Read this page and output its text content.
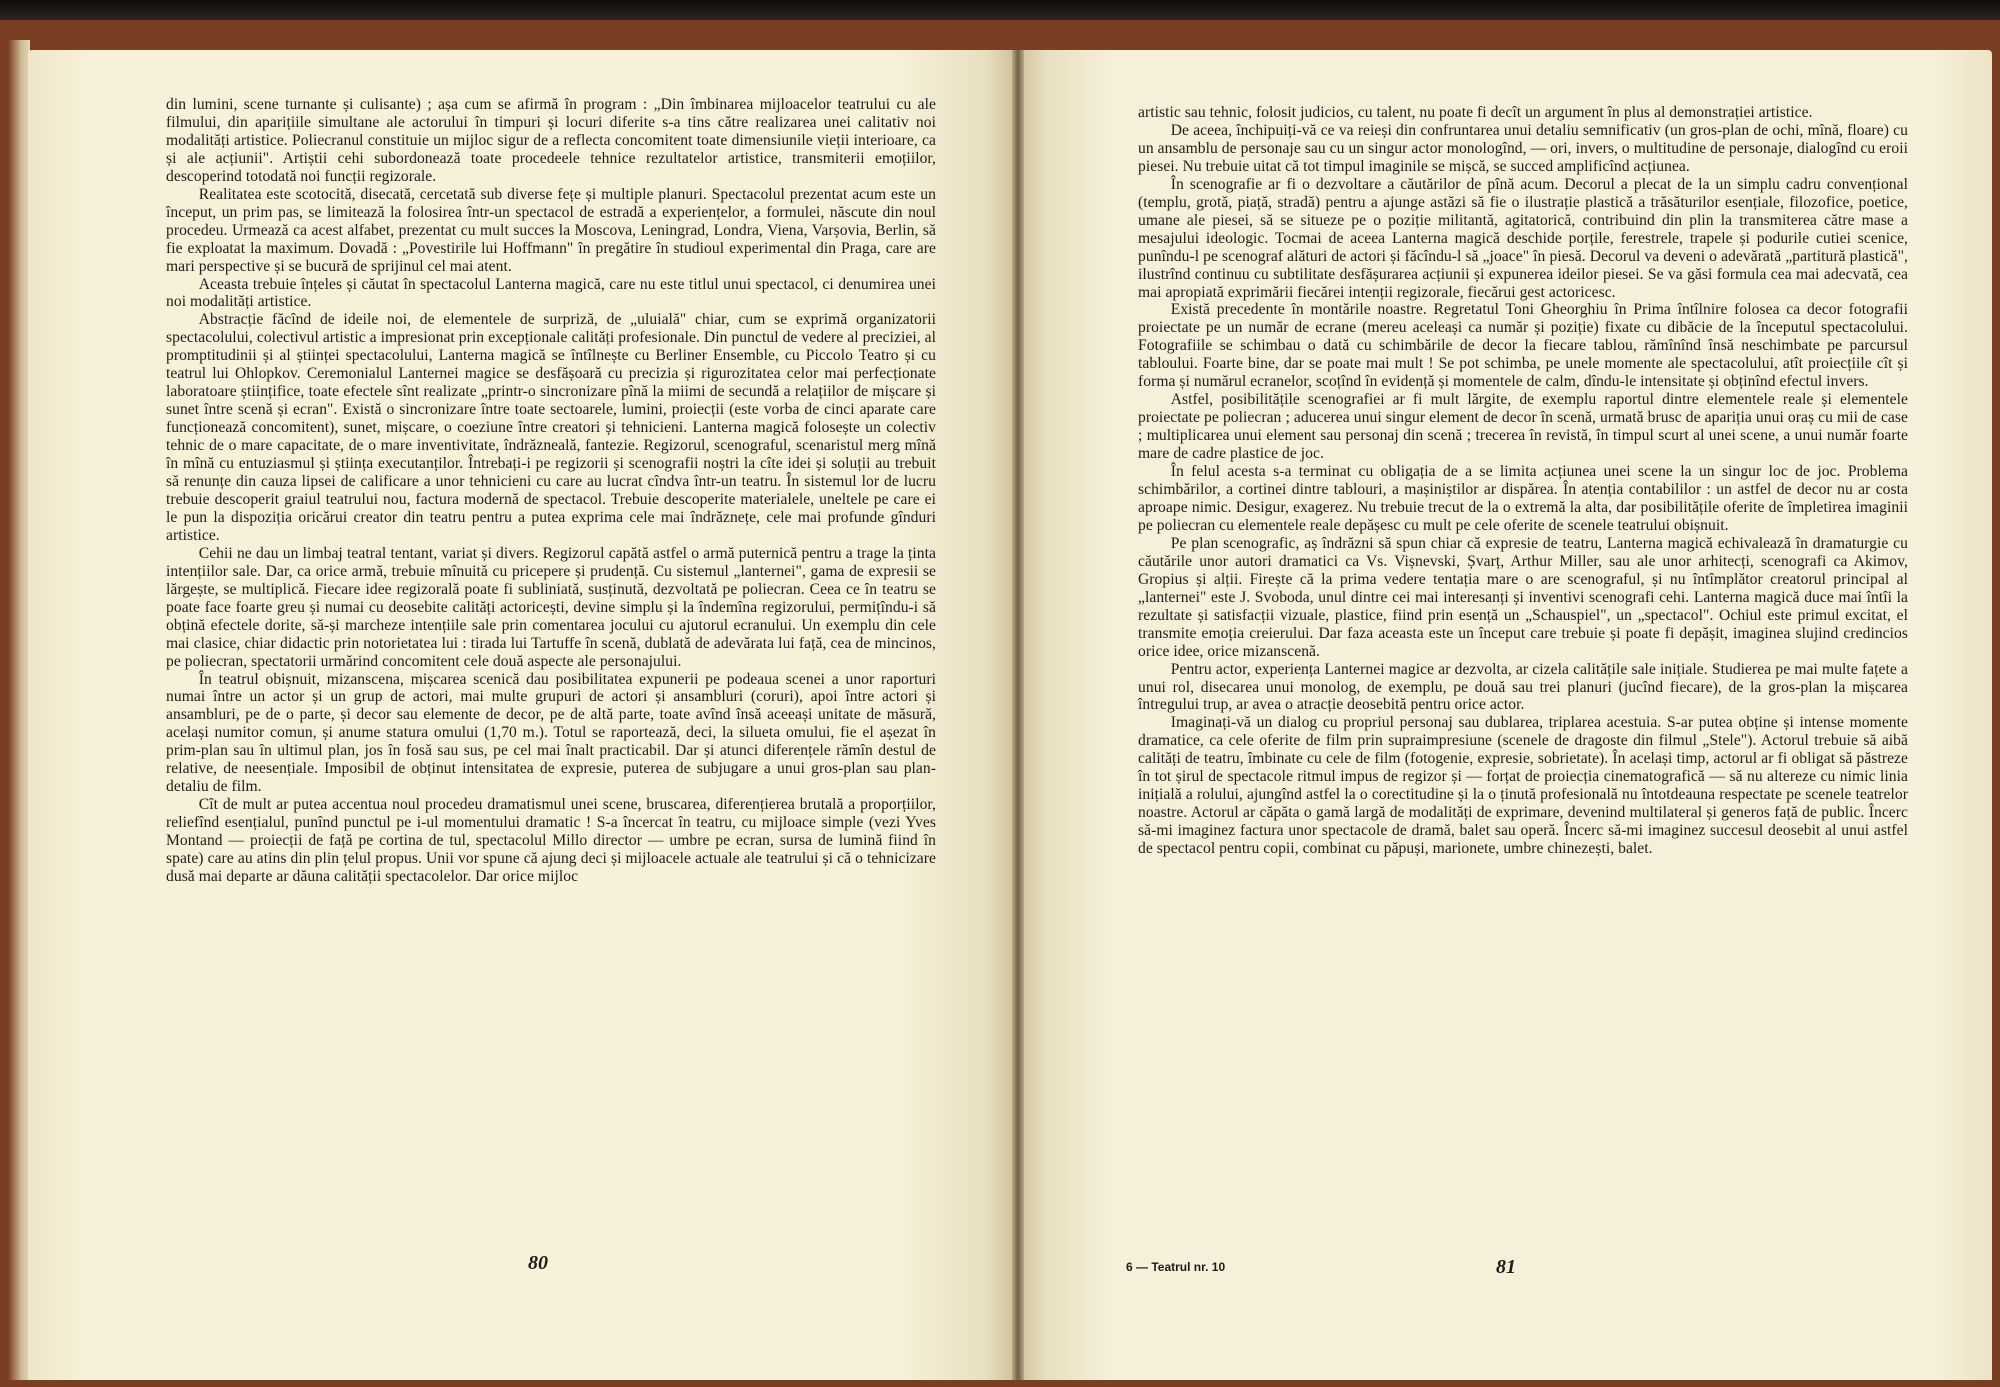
din lumini, scene turnante și culisante) ; așa cum se afirmă în program : „Din îmbinarea mijloacelor teatrului cu ale filmului, din aparițiile simultane ale actorului în timpuri și locuri diferite s-a tins către realizarea unei calitativ noi modalități artistice. Poliecranul constituie un mijloc sigur de a reflecta concomitent toate dimensiunile vieții interioare, ca și ale acțiunii". Artiștii cehi subordonează toate procedeele tehnice rezultatelor artistice, transmiterii emoțiilor, descoperind totodată noi funcții regizorale.

Realitatea este scotocită, disecată, cercetată sub diverse fețe și multiple planuri. Spectacolul prezentat acum este un început, un prim pas, se limitează la folosirea într-un spectacol de estradă a experiențelor, a formulei, născute din noul procedeu. Urmează ca acest alfabet, prezentat cu mult succes la Moscova, Leningrad, Londra, Viena, Varșovia, Berlin, să fie exploatat la maximum. Dovadă : „Povestirile lui Hoffmann" în pregătire în studioul experimental din Praga, care are mari perspective și se bucură de sprijinul cel mai atent.

Aceasta trebuie înțeles și căutat în spectacolul Lanterna magică, care nu este titlul unui spectacol, ci denumirea unei noi modalități artistice.

Abstracție făcînd de ideile noi, de elementele de surpriză, de „uluială" chiar, cum se exprimă organizatorii spectacolului, colectivul artistic a impresionat prin excepționale calități profesionale. Din punctul de vedere al preciziei, al promptitudinii și al științei spectacolului, Lanterna magică se întîlnește cu Berliner Ensemble, cu Piccolo Teatro și cu teatrul lui Ohlopkov. Ceremonialul Lanternei magice se desfășoară cu precizia și rigurozitatea celor mai perfecționate laboratoare științifice, toate efectele sînt realizate „printr-o sincronizare pînă la miimi de secundă a relațiilor de mișcare și sunet între scenă și ecran". Există o sincronizare între toate sectoarele, lumini, proiecții (este vorba de cinci aparate care funcționează concomitent), sunet, mișcare, o coeziune între creatori și tehnicieni. Lanterna magică folosește un colectiv tehnic de o mare capacitate, de o mare inventivitate, îndrăzneală, fantezie. Regizorul, scenograful, scenaristul merg mînă în mînă cu entuziasmul și știința executanților. Întrebați-i pe regizorii și scenografii noștri la cîte idei și soluții au trebuit să renunțe din cauza lipsei de calificare a unor tehnicieni cu care au lucrat cîndva într-un teatru. În sistemul lor de lucru trebuie descoperit graiul teatrului nou, factura modernă de spectacol. Trebuie descoperite materialele, uneltele pe care ei le pun la dispoziția oricărui creator din teatru pentru a putea exprima cele mai îndrăznețe, cele mai profunde gînduri artistice.

Cehii ne dau un limbaj teatral tentant, variat și divers. Regizorul capătă astfel o armă puternică pentru a trage la ținta intențiilor sale. Dar, ca orice armă, trebuie mînuită cu pricepere și prudență. Cu sistemul „lanternei", gama de expresii se lărgește, se multiplică. Fiecare idee regizorală poate fi subliniată, susținută, dezvoltată pe poliecran. Ceea ce în teatru se poate face foarte greu și numai cu deosebite calități actoricești, devine simplu și la îndemîna regizorului, permițîndu-i să obțină efectele dorite, să-și marcheze intențiile sale prin comentarea jocului cu ajutorul ecranului. Un exemplu din cele mai clasice, chiar didactic prin notorietatea lui : tirada lui Tartuffe în scenă, dublată de adevărata lui față, cea de mincinos, pe poliecran, spectatorii urmărind concomitent cele două aspecte ale personajului.

În teatrul obișnuit, mizanscena, mișcarea scenică dau posibilitatea expunerii pe podeaua scenei a unor raporturi numai între un actor și un grup de actori, mai multe grupuri de actori și ansambluri (coruri), apoi între actori și ansambluri, pe de o parte, și decor sau elemente de decor, pe de altă parte, toate avînd însă aceeași unitate de măsură, același numitor comun, și anume statura omului (1,70 m.). Totul se raportează, deci, la silueta omului, fie el așezat în prim-plan sau în ultimul plan, jos în fosă sau sus, pe cel mai înalt practicabil. Dar și atunci diferențele rămîn destul de relative, de neesențiale. Imposibil de obținut intensitatea de expresie, puterea de subjugare a unui gros-plan sau plan-detaliu de film.

Cît de mult ar putea accentua noul procedeu dramatismul unei scene, bruscarea, diferențierea brutală a proporțiilor, reliefînd esențialul, punînd punctul pe i-ul momentului dramatic ! S-a încercat în teatru, cu mijloace simple (vezi Yves Montand — proiecții de față pe cortina de tul, spectacolul Millo director — umbre pe ecran, sursa de lumină fiind în spate) care au atins din plin țelul propus. Unii vor spune că ajung deci și mijloacele actuale ale teatrului și că o tehnicizare dusă mai departe ar dăuna calității spectacolelor. Dar orice mijloc

80

artistic sau tehnic, folosit judicios, cu talent, nu poate fi decît un argument în plus al demonstrației artistice.

De aceea, închipuiți-vă ce va reieși din confruntarea unui detaliu semnificativ (un gros-plan de ochi, mînă, floare) cu un ansamblu de personaje sau cu un singur actor monologînd, — ori, invers, o multitudine de personaje, dialogînd cu eroii piesei. Nu trebuie uitat că tot timpul imaginile se mișcă, se succed amplificînd acțiunea.

În scenografie ar fi o dezvoltare a căutărilor de pînă acum. Decorul a plecat de la un simplu cadru convențional (templu, grotă, piață, stradă) pentru a ajunge astăzi să fie o ilustrație plastică a trăsăturilor esențiale, filozofice, poetice, umane ale piesei, să se situeze pe o poziție militantă, agitatorică, contribuind din plin la transmiterea către mase a mesajului ideologic. Tocmai de aceea Lanterna magică deschide porțile, ferestrele, trapele și podurile cutiei scenice, punîndu-l pe scenograf alături de actori și făcîndu-l să „joace" în piesă. Decorul va deveni o adevărată „partitură plastică", ilustrînd continuu cu subtilitate desfășurarea acțiunii și expunerea ideilor piesei. Se va găsi formula cea mai adecvată, cea mai apropiată exprimării fiecărei intenții regizorale, fiecărui gest actoricesc.

Există precedente în montările noastre. Regretatul Toni Gheorghiu în Prima întîlnire folosea ca decor fotografii proiectate pe un număr de ecrane (mereu aceleași ca număr și poziție) fixate cu dibăcie de la începutul spectacolului. Fotografiile se schimbau o dată cu schimbările de decor la fiecare tablou, rămînînd însă neschimbate pe parcursul tabloului. Foarte bine, dar se poate mai mult ! Se pot schimba, pe unele momente ale spectacolului, atît proiecțiile cît și forma și numărul ecranelor, scoțînd în evidență și momentele de calm, dîndu-le intensitate și obținînd efectul invers.

Astfel, posibilitățile scenografiei ar fi mult lărgite, de exemplu raportul dintre elementele reale și elementele proiectate pe poliecran ; aducerea unui singur element de decor în scenă, urmată brusc de apariția unui oraș cu mii de case ; multiplicarea unui element sau personaj din scenă ; trecerea în revistă, în timpul scurt al unei scene, a unui număr foarte mare de cadre plastice de joc.

În felul acesta s-a terminat cu obligația de a se limita acțiunea unei scene la un singur loc de joc. Problema schimbărilor, a cortinei dintre tablouri, a mașiniștilor ar dispărea. În atenția contabililor : un astfel de decor nu ar costa aproape nimic. Desigur, exagerez. Nu trebuie trecut de la o extremă la alta, dar posibilitățile oferite de împletirea imaginii pe poliecran cu elementele reale depășesc cu mult pe cele oferite de scenele teatrului obișnuit.

Pe plan scenografic, aș îndrăzni să spun chiar că expresie de teatru, Lanterna magică echivalează în dramaturgie cu căutările unor autori dramatici ca Vs. Vișnevski, Șvarț, Arthur Miller, sau ale unor arhitecți, scenografi ca Akimov, Gropius și alții. Firește că la prima vedere tentația mare o are scenograful, și nu întîmplător creatorul principal al „lanternei" este J. Svoboda, unul dintre cei mai interesanți și inventivi scenografi cehi. Lanterna magică duce mai întîi la rezultate și satisfacții vizuale, plastice, fiind prin esență un „Schauspiel", un „spectacol". Ochiul este primul excitat, el transmite emoția creierului. Dar faza aceasta este un început care trebuie și poate fi depășit, imaginea slujind credincios orice idee, orice mizanscenă.

Pentru actor, experiența Lanternei magice ar dezvolta, ar cizela calitățile sale inițiale. Studierea pe mai multe fațete a unui rol, disecarea unui monolog, de exemplu, pe două sau trei planuri (jucînd fiecare), de la gros-plan la mișcarea întregului trup, ar avea o atracție deosebită pentru orice actor.

Imaginați-vă un dialog cu propriul personaj sau dublarea, triplarea acestuia. S-ar putea obține și intense momente dramatice, ca cele oferite de film prin supraimpresiune (scenele de dragoste din filmul „Stele"). Actorul trebuie să aibă calități de teatru, îmbinate cu cele de film (fotogenie, expresie, sobrietate). În același timp, actorul ar fi obligat să păstreze în tot șirul de spectacole ritmul impus de regizor și — forțat de proiecția cinematografică — să nu altereze cu nimic linia inițială a rolului, ajungînd astfel la o corectitudine și la o ținută profesională nu întotdeauna respectate pe scenele teatrelor noastre. Actorul ar căpăta o gamă largă de modalități de exprimare, devenind multilateral și generos față de public. Încerc să-mi imaginez factura unor spectacole de dramă, balet sau operă. Încerc să-mi imaginez succesul deosebit al unui astfel de spectacol pentru copii, combinat cu păpuși, marionete, umbre chinezești, balet.

6 — Teatrul nr. 10	81
